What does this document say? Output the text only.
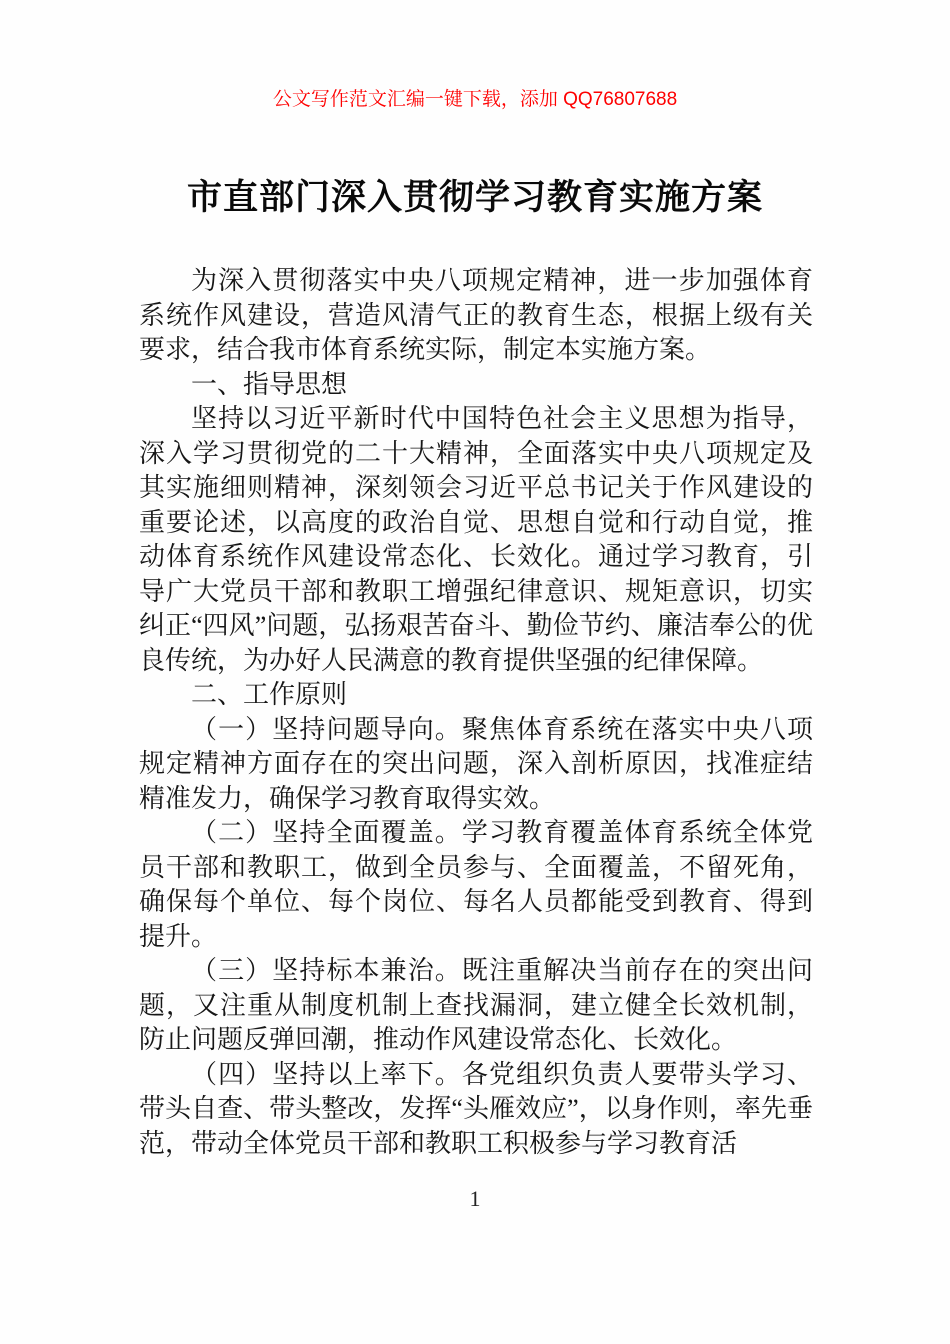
公文写作范文汇编一键下载，添加 QQ76807688
市直部门深入贯彻学习教育实施方案

为深入贯彻落实中央八项规定精神，进一步加强体育系统作风建设，营造风清气正的教育生态，根据上级有关要求，结合我市体育系统实际，制定本实施方案。

一、指导思想

坚持以习近平新时代中国特色社会主义思想为指导，深入学习贯彻党的二十大精神，全面落实中央八项规定及其实施细则精神，深刻领会习近平总书记关于作风建设的重要论述，以高度的政治自觉、思想自觉和行动自觉，推动体育系统作风建设常态化、长效化。通过学习教育，引导广大党员干部和教职工增强纪律意识、规矩意识，切实纠正“四风”问题，弘扬艰苦奋斗、勤俭节约、廉洁奉公的优良传统，为办好人民满意的教育提供坚强的纪律保障。

二、工作原则

（一）坚持问题导向。聚焦体育系统在落实中央八项规定精神方面存在的突出问题，深入剖析原因，找准症结精准发力，确保学习教育取得实效。

（二）坚持全面覆盖。学习教育覆盖体育系统全体党员干部和教职工，做到全员参与、全面覆盖，不留死角，确保每个单位、每个岗位、每名人员都能受到教育、得到提升。

（三）坚持标本兼治。既注重解决当前存在的突出问题，又注重从制度机制上查找漏洞，建立健全长效机制，防止问题反弹回潮，推动作风建设常态化、长效化。

（四）坚持以上率下。各党组织负责人要带头学习、带头自查、带头整改，发挥“头雁效应”，以身作则，率先垂范，带动全体党员干部和教职工积极参与学习教育活

1
